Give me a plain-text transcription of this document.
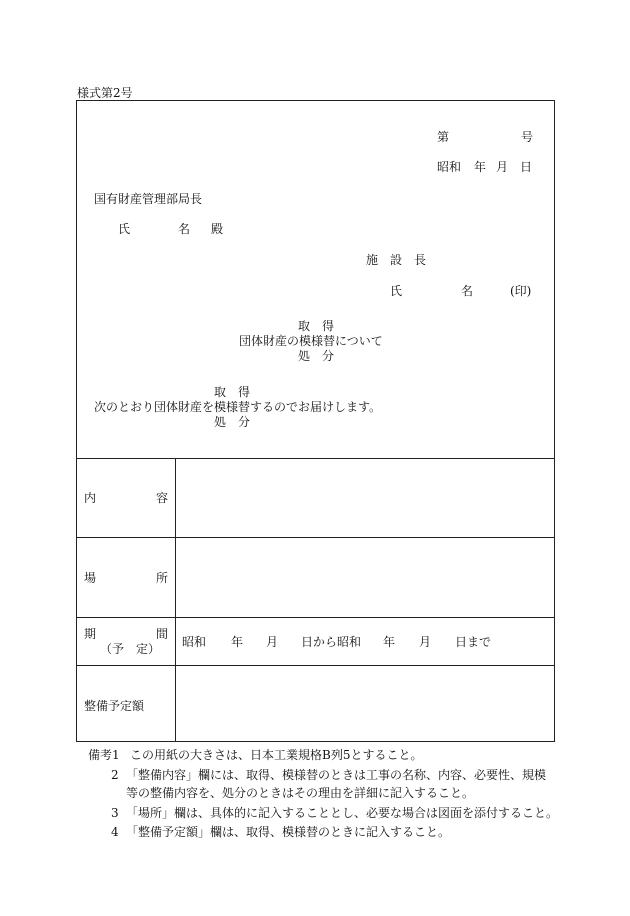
様式第2号
第	号
昭和 年 月 日
国有財産管理部局長
氏	名 殿
施 設 長
氏	名	(印)
取　得
団体財産の模様替について
処　分
取　得
次のとおり団体財産を模様替するのでお届けします。
処　分
内	容
場	所
期	間
（予　定） 昭和 年 月 日から昭和 年 月 日まで
整備予定額
備考1 この用紙の大きさは、日本工業規格B列5とすること。
2 「整備内容」欄には、取得、模様替のときは工事の名称、内容、必要性、規模
等の整備内容を、処分のときはその理由を詳細に記入すること。
3 「場所」欄は、具体的に記入することとし、必要な場合は図面を添付すること。
4 「整備予定額」欄は、取得、模様替のときに記入すること。
